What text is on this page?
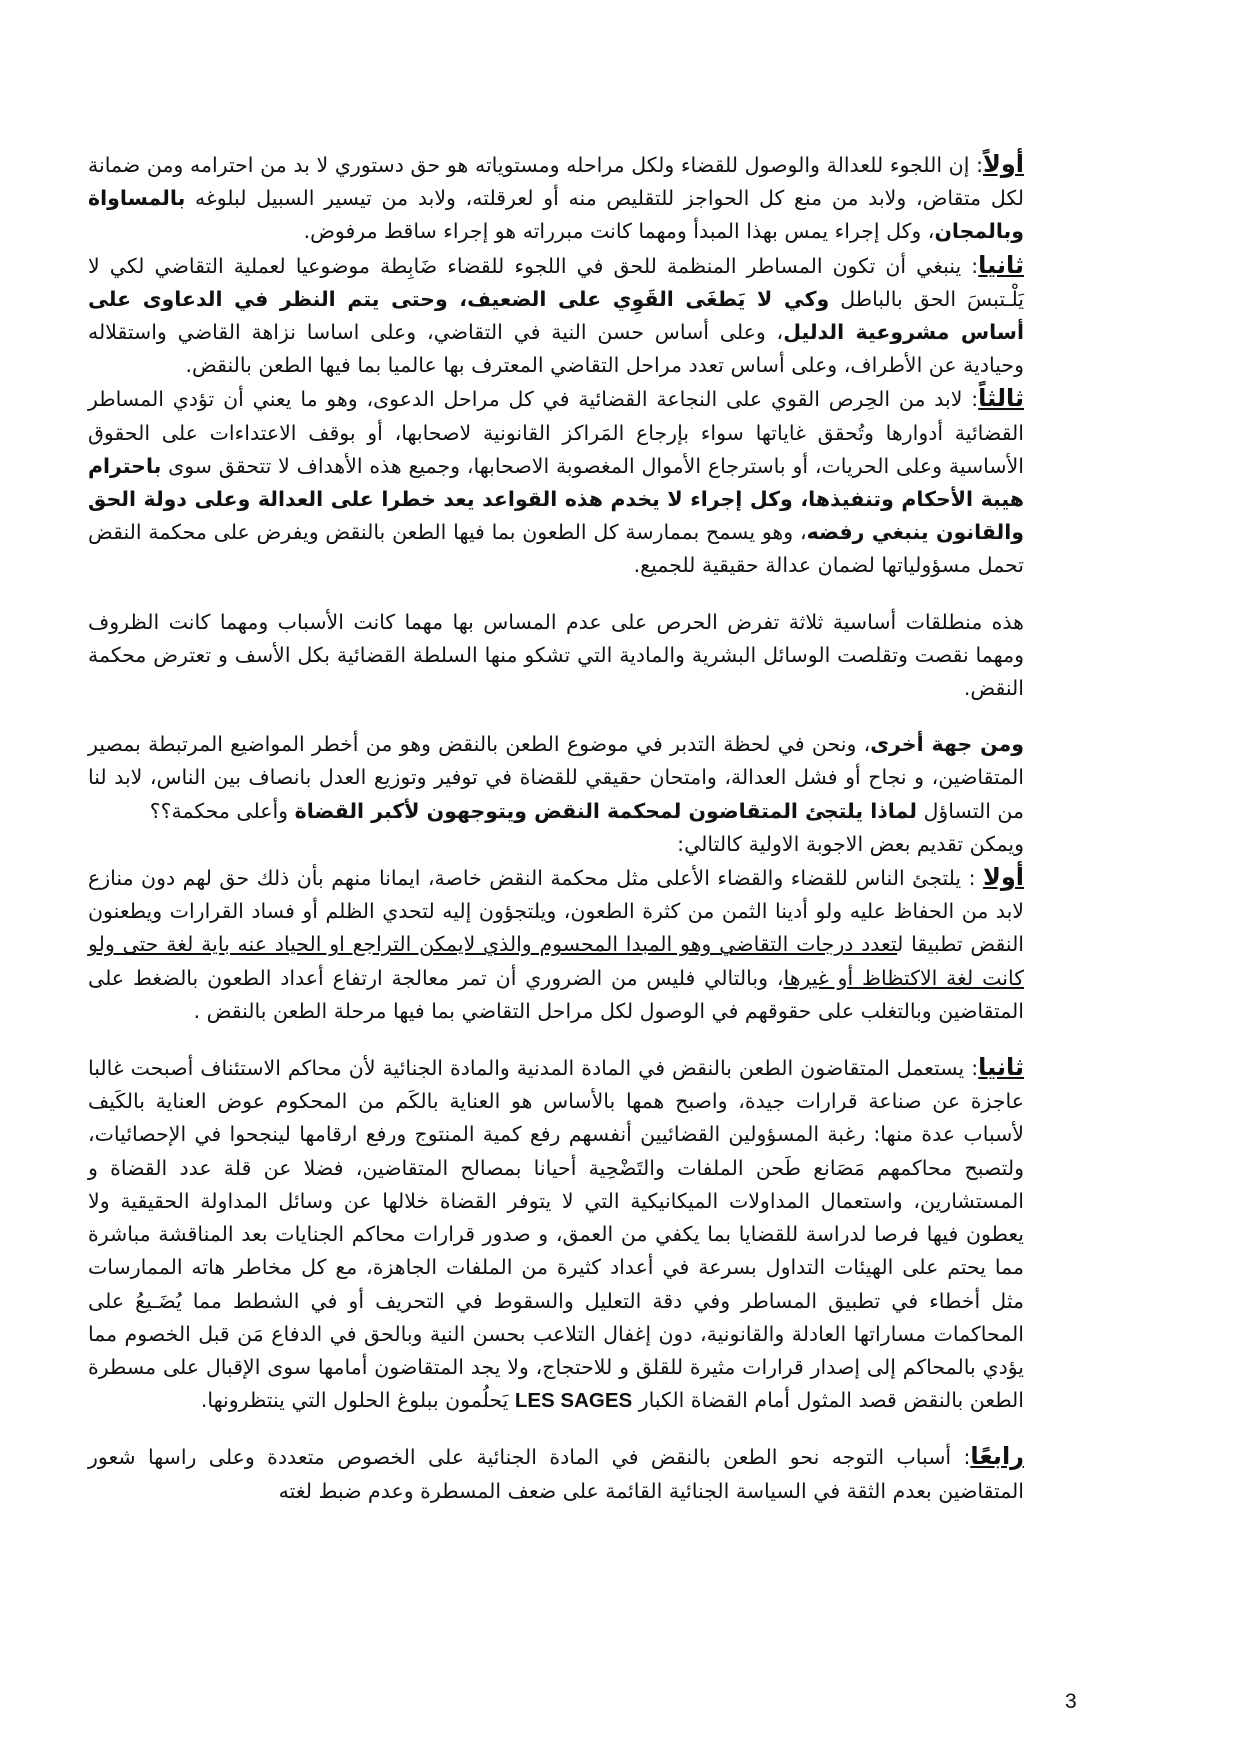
أولاً: إن اللجوء للعدالة والوصول للقضاء ولكل مراحله ومستوياته هو حق دستوري لا بد من احترامه ومن ضمانة لكل متقاض، ولابد من منع كل الحواجز للتقليص منه أو لعرقلته، ولابد من تيسير السبيل لبلوغه بالمساواة وبالمجان، وكل إجراء يمس بهذا المبدأ ومهما كانت مبرراته هو إجراء ساقط مرفوض.

ثانيا: ينبغي أن تكون المساطر المنظمة للحق في اللجوء للقضاء ضَابِطة موضوعيا لعملية التقاضي لكي لا يَلْـتبسَ الحق بالباطل وكي لا يَطغَى القَوِي على الضعيف، وحتى يتم النظر في الدعاوى على أساس مشروعية الدليل، وعلى أساس حسن النية في التقاضي، وعلى اساسا نزاهة القاضي واستقلاله وحيادية عن الأطراف، وعلى أساس تعدد مراحل التقاضي المعترف بها عالميا بما فيها الطعن بالنقض.

ثالثاً: لابد من الحِرص القوي على النجاعة القضائية في كل مراحل الدعوى، وهو ما يعني أن تؤدي المساطر القضائية أدوارها وتُحقق غاياتها سواء بإرجاع المَراكز القانونية لاصحابها، أو بوقف الاعتداءات على الحقوق الأساسية وعلى الحريات، أو باسترجاع الأموال المغصوبة الاصحابها، وجميع هذه الأهداف لا تتحقق سوى باحترام هيبة الأحكام وتنفيذها، وكل إجراء لا يخدم هذه القواعد يعد خطرا على العدالة وعلى دولة الحق والقانون ينبغي رفضه، وهو يسمح بممارسة كل الطعون بما فيها الطعن بالنقض ويفرض على محكمة النقض تحمل مسؤولياتها لضمان عدالة حقيقية للجميع.

هذه منطلقات أساسية ثلاثة تفرض الحرص على عدم المساس بها مهما كانت الأسباب ومهما كانت الظروف ومهما نقصت وتقلصت الوسائل البشرية والمادية التي تشكو منها السلطة القضائية بكل الأسف و تعترض محكمة النقض.

ومن جهة أخرى، ونحن في لحظة التدبر في موضوع الطعن بالنقض وهو من أخطر المواضيع المرتبطة بمصير المتقاضين، و نجاح أو فشل العدالة، وامتحان حقيقي للقضاة في توفير وتوزيع العدل بانصاف بين الناس، لابد لنا من التساؤل لماذا يلتجئ المتقاضون لمحكمة النقض ويتوجهون لأكبر القضاة وأعلى محكمة؟؟

ويمكن تقديم بعض الاجوبة الاولية كالتالي:

أولا : يلتجئ الناس للقضاء والقضاء الأعلى مثل محكمة النقض خاصة، ايمانا منهم بأن ذلك حق لهم دون منازع لابد من الحفاظ عليه ولو أدينا الثمن من كثرة الطعون، ويلتجؤون إليه لتحدي الظلم أو فساد القرارات ويطعنون النقض تطبيقا لتعدد درجات التقاضي وهو المبدا المحسوم والذي لايمكن التراجع او الحياد عنه باية لغة حتى ولو كانت لغة الاكتظاظ أو غيرها، وبالتالي فليس من الضروري أن تمر معالجة ارتفاع أعداد الطعون بالضغط على المتقاضين وبالتغلب على حقوقهم في الوصول لكل مراحل التقاضي بما فيها مرحلة الطعن بالنقض .

ثانيا: يستعمل المتقاضون الطعن بالنقض في المادة المدنية والمادة الجنائية لأن محاكم الاستئناف أصبحت غالبا عاجزة عن صناعة قرارات جيدة، واصبح همها بالأساس هو العناية بالكَم من المحكوم عوض العناية بالكَيف لأسباب عدة منها: رغبة المسؤولين القضائيين أنفسهم رفع كمية المنتوج ورفع ارقامها لينجحوا في الإحصائيات، ولتصبح محاكمهم مَصَانع طَحن الملفات والتَضْحِية أحيانا بمصالح المتقاضين، فضلا عن قلة عدد القضاة و المستشارين، واستعمال المداولات الميكانيكية التي لا يتوفر القضاة خلالها عن وسائل المداولة الحقيقية ولا يعطون فيها فرصا لدراسة للقضايا بما يكفي من العمق، و صدور قرارات محاكم الجنايات بعد المناقشة مباشرة مما يحتم على الهيئات التداول بسرعة في أعداد كثيرة من الملفات الجاهزة، مع كل مخاطر هاته الممارسات مثل أخطاء في تطبيق المساطر وفي دقة التعليل والسقوط في التحريف أو في الشطط مما يُضَـيعُ على المحاكمات مساراتها العادلة والقانونية، دون إغفال التلاعب بحسن النية وبالحق في الدفاع مَن قبل الخصوم مما يؤدي بالمحاكم إلى إصدار قرارات مثيرة للقلق و للاحتجاج، ولا يجد المتقاضون أمامها سوى الإقبال على مسطرة الطعن بالنقض قصد المثول أمام القضاة الكبار LES SAGES يَحلُمون ببلوغ الحلول التي ينتظرونها.

رابعًا: أسباب التوجه نحو الطعن بالنقض في المادة الجنائية على الخصوص متعددة وعلى راسها شعور المتقاضين بعدم الثقة في السياسة الجنائية القائمة على ضعف المسطرة وعدم ضبط لغته

3
